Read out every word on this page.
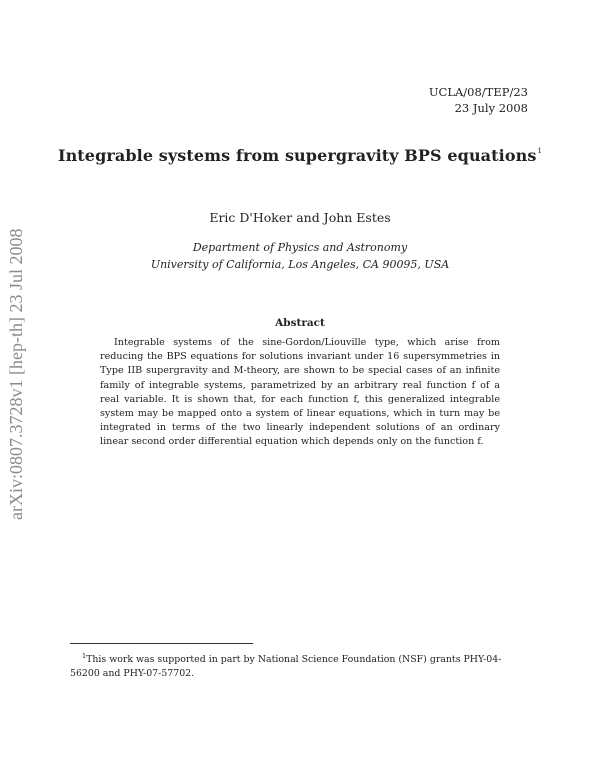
UCLA/08/TEP/23
23 July 2008
Integrable systems from supergravity BPS equations$^1$
Eric D'Hoker and John Estes
Department of Physics and Astronomy
University of California, Los Angeles, CA 90095, USA
Abstract

Integrable systems of the sine-Gordon/Liouville type, which arise from reducing the BPS equations for solutions invariant under 16 supersymmetries in Type IIB supergravity and M-theory, are shown to be special cases of an infinite family of integrable systems, parametrized by an arbitrary real function f of a real variable. It is shown that, for each function f, this generalized integrable system may be mapped onto a system of linear equations, which in turn may be integrated in terms of the two linearly independent solutions of an ordinary linear second order differential equation which depends only on the function f.

$^1$This work was supported in part by National Science Foundation (NSF) grants PHY-04-56200 and PHY-07-57702.
arXiv:0807.3728v1 [hep-th] 23 Jul 2008
